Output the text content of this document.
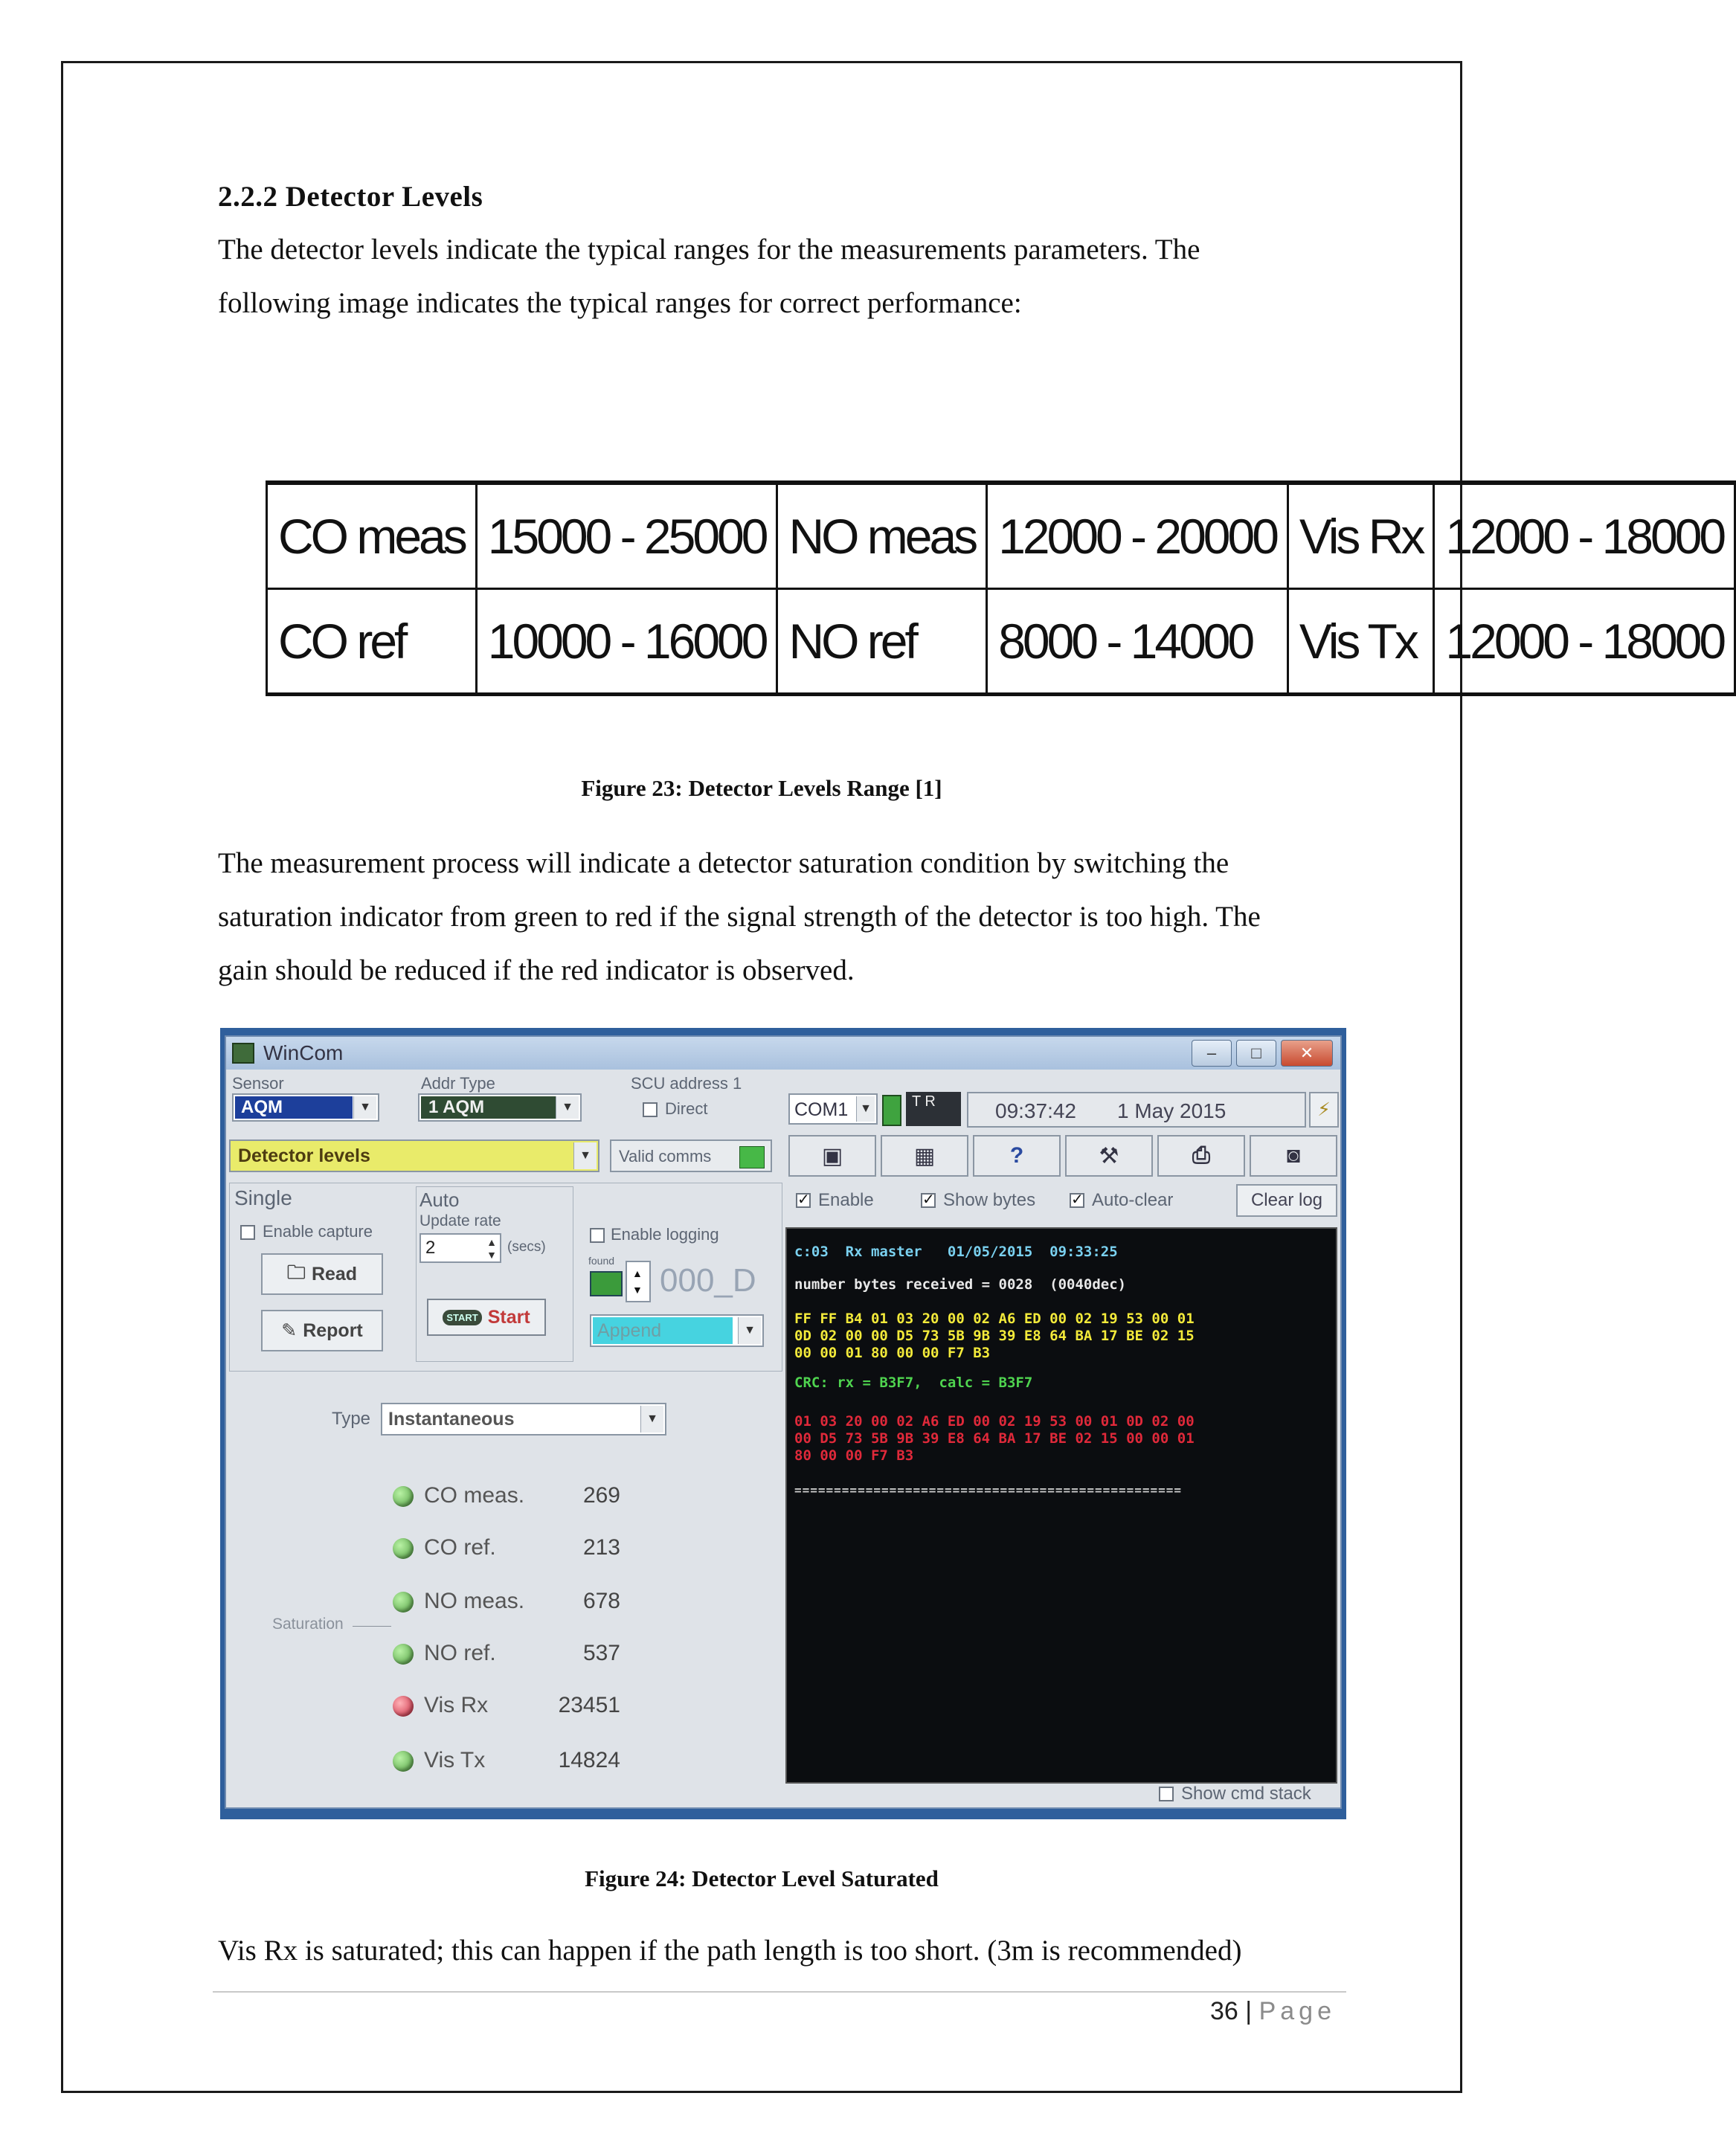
2.2.2 Detector Levels
The detector levels indicate the typical ranges for the measurements parameters. The
following image indicates the typical ranges for correct performance:
CO meas	15000 - 25000	NO meas	12000 - 20000	Vis Rx	12000 - 18000
CO ref	10000 - 16000	NO ref	8000 - 14000	Vis Tx	12000 - 18000
Figure 23: Detector Levels Range [1]
The measurement process will indicate a detector saturation condition by switching the
saturation indicator from green to red if the signal strength of the detector is too high. The
gain should be reduced if the red indicator is observed.
WinCom	–	□	✕
Sensor
AQM	▼
Addr Type
1 AQM	▼
SCU address 1
Direct
Detector levels	▼	Valid comms
Single
Enable capture
🗀 Read
✎ Report
Auto
Update rate
2	▲
▼ (secs)
START Start
Enable logging
found
▲
▼ 000_D
Append	▼
Type Instantaneous	▼
Saturation
CO meas.	269
CO ref.	213
NO meas.	678
NO ref.	537
Vis Rx	23451
Vis Tx	14824
COM1 ▼	T R	09:37:42 1 May 2015	⚡
▣	▦	?	⚒	⎙	◙
✓ Enable	✓ Show bytes ✓ Auto-clear	Clear log
c:03  Rx master   01/05/2015  09:33:25
number bytes received = 0028  (0040dec)
FF FF B4 01 03 20 00 02 A6 ED 00 02 19 53 00 01
0D 02 00 00 D5 73 5B 9B 39 E8 64 BA 17 BE 02 15
00 00 01 80 00 00 F7 B3
CRC: rx = B3F7,  calc = B3F7
01 03 20 00 02 A6 ED 00 02 19 53 00 01 0D 02 00
00 D5 73 5B 9B 39 E8 64 BA 17 BE 02 15 00 00 01
80 00 00 F7 B3
=================================================
Show cmd stack
Figure 24: Detector Level Saturated
Vis Rx is saturated; this can happen if the path length is too short. (3m is recommended)
36 | Page
